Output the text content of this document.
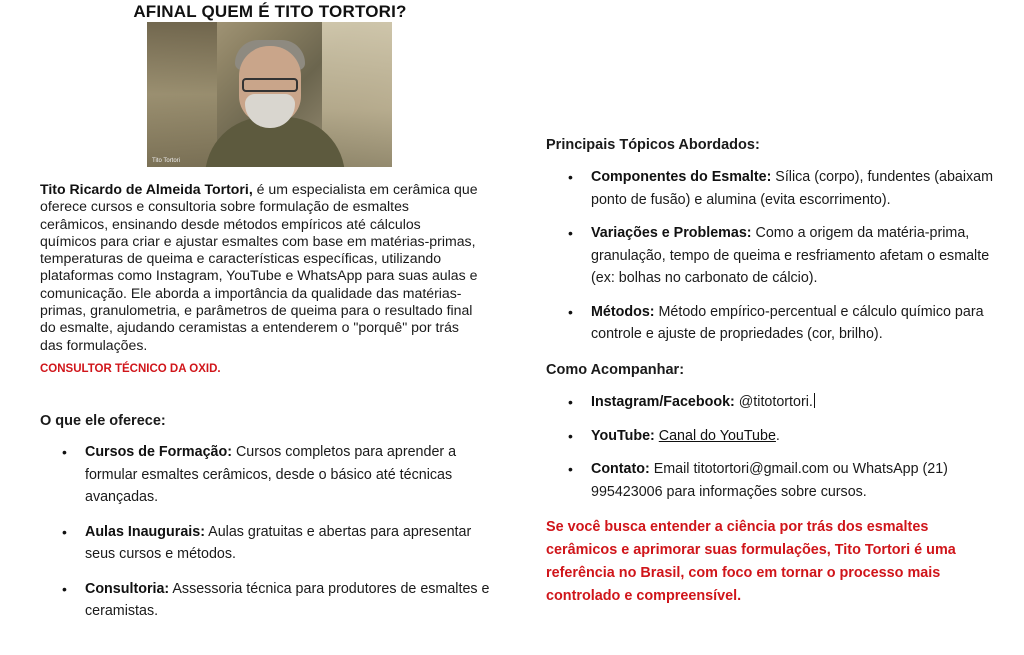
AFINAL QUEM É TITO TORTORI?
Tito Tortori

Tito Ricardo de Almeida Tortori, é um especialista em cerâmica que oferece cursos e consultoria sobre formulação de esmaltes cerâmicos, ensinando desde métodos empíricos até cálculos químicos para criar e ajustar esmaltes com base em matérias-primas, temperaturas de queima e características específicas, utilizando plataformas como Instagram, YouTube e WhatsApp para suas aulas e comunicação. Ele aborda a importância da qualidade das matérias-primas, granulometria, e parâmetros de queima para o resultado final do esmalte, ajudando ceramistas a entenderem o "porquê" por trás das formulações.

CONSULTOR TÉCNICO DA OXID.

O que ele oferece:

• Cursos de Formação: Cursos completos para aprender a formular esmaltes cerâmicos, desde o básico até técnicas avançadas.
• Aulas Inaugurais: Aulas gratuitas e abertas para apresentar seus cursos e métodos.
• Consultoria: Assessoria técnica para produtores de esmaltes e ceramistas.

Principais Tópicos Abordados:

• Componentes do Esmalte: Sílica (corpo), fundentes (abaixam ponto de fusão) e alumina (evita escorrimento).
• Variações e Problemas: Como a origem da matéria-prima, granulação, tempo de queima e resfriamento afetam o esmalte (ex: bolhas no carbonato de cálcio).
• Métodos: Método empírico-percentual e cálculo químico para controle e ajuste de propriedades (cor, brilho).

Como Acompanhar:

• Instagram/Facebook: @titotortori.
• YouTube: Canal do YouTube.
• Contato: Email titotortori@gmail.com ou WhatsApp (21) 995423006 para informações sobre cursos.

Se você busca entender a ciência por trás dos esmaltes cerâmicos e aprimorar suas formulações, Tito Tortori é uma referência no Brasil, com foco em tornar o processo mais controlado e compreensível.
